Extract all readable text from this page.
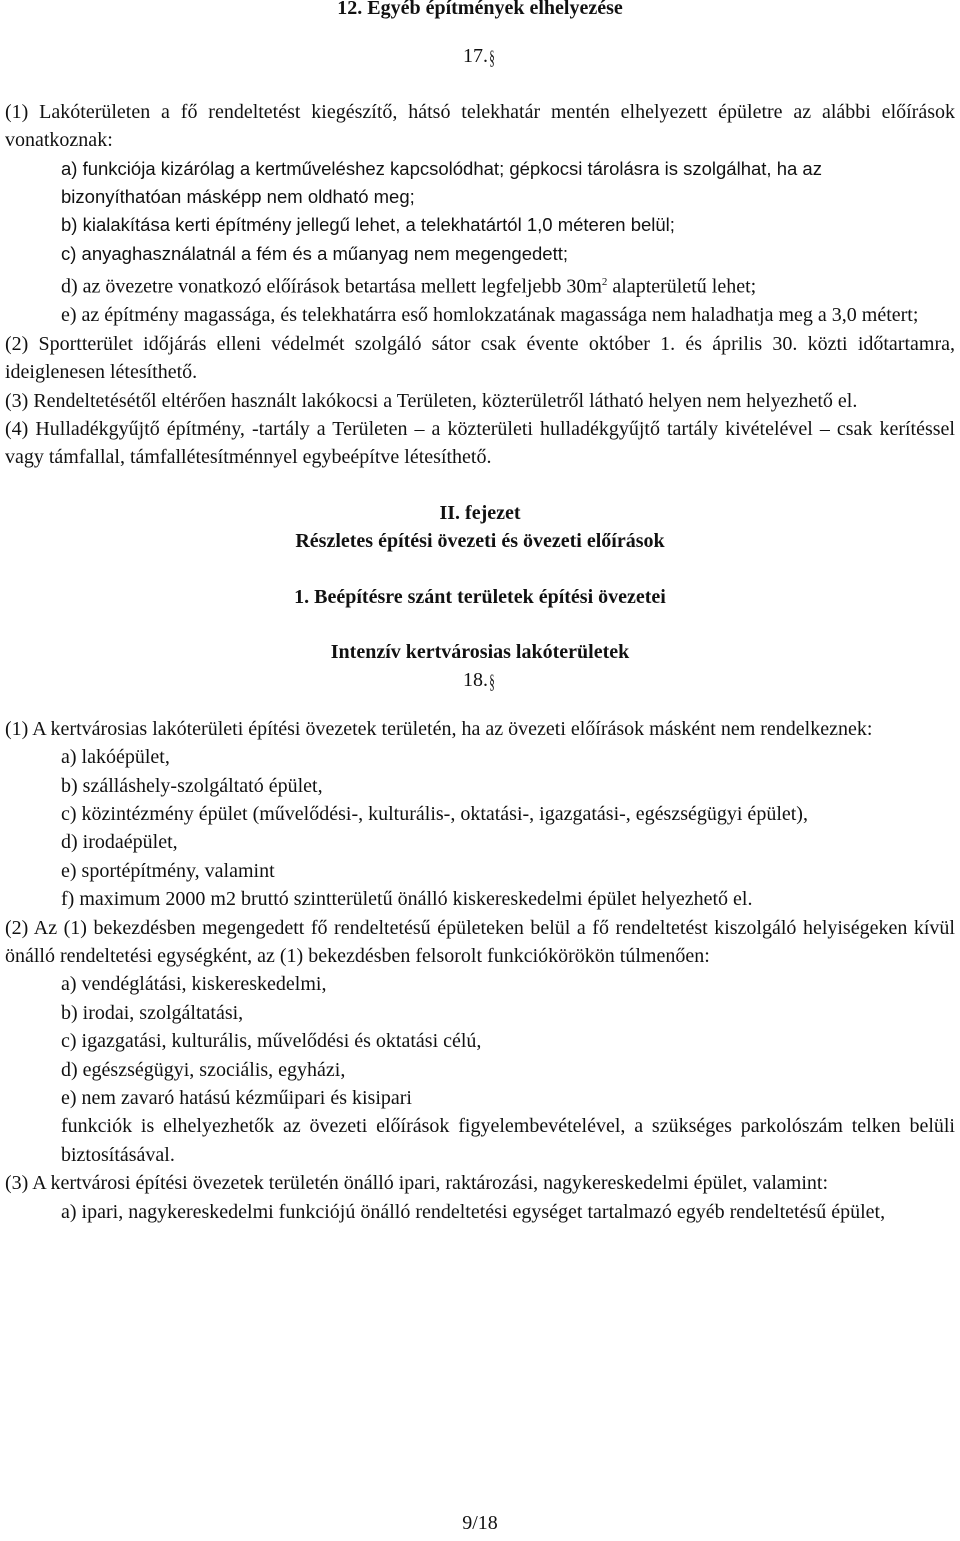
12. Egyéb építmények elhelyezése

17. §

(1) Lakóterületen a fő rendeltetést kiegészítő, hátsó telekhatár mentén elhelyezett épületre az alábbi előírások vonatkoznak:

a) funkciója kizárólag a kertműveléshez kapcsolódhat; gépkocsi tárolásra is szolgálhat, ha az

bizonyíthatóan másképp nem oldható meg;

b) kialakítása kerti építmény jellegű lehet, a telekhatártól 1,0 méteren belül;

c) anyaghasználatnál a fém és a műanyag nem megengedett;

d) az övezetre vonatkozó előírások betartása mellett legfeljebb $30m^2$ alapterületű lehet;

e) az építmény magassága, és telekhatárra eső homlokzatának magassága nem haladhatja meg a 3,0 métert;

(2) Sportterület időjárás elleni védelmét szolgáló sátor csak évente október 1. és április 30. közti időtartamra, ideiglenesen létesíthető.

(3) Rendeltetésétől eltérően használt lakókocsi a Területen, közterületről látható helyen nem helyezhető el.

(4) Hulladékgyűjtő építmény, -tartály a Területen – a közterületi hulladékgyűjtő tartály kivételével – csak kerítéssel vagy támfallal, támfallétesítménnyel egybeépítve létesíthető.

II. fejezet

Részletes építési övezeti és övezeti előírások

1. Beépítésre szánt területek építési övezetei

Intenzív kertvárosias lakóterületek

18. §

(1) A kertvárosias lakóterületi építési övezetek területén, ha az övezeti előírások másként nem rendelkeznek:

a) lakóépület,

b) szálláshely-szolgáltató épület,

c) közintézmény épület (művelődési-, kulturális-, oktatási-, igazgatási-, egészségügyi épület),

d) irodaépület,

e) sportépítmény, valamint

f) maximum 2000 m2 bruttó szintterületű önálló kiskereskedelmi épület helyezhető el.

(2) Az (1) bekezdésben megengedett fő rendeltetésű épületeken belül a fő rendeltetést kiszolgáló helyiségeken kívül önálló rendeltetési egységként, az (1) bekezdésben felsorolt funkciókörökön túlmenően:

a) vendéglátási, kiskereskedelmi,

b) irodai, szolgáltatási,

c) igazgatási, kulturális, művelődési és oktatási célú,

d) egészségügyi, szociális, egyházi,

e) nem zavaró hatású kézműipari és kisipari

funkciók is elhelyezhetők az övezeti előírások figyelembevételével, a szükséges parkolószám telken belüli biztosításával.

(3) A kertvárosi építési övezetek területén önálló ipari, raktározási, nagykereskedelmi épület, valamint:

a) ipari, nagykereskedelmi funkciójú önálló rendeltetési egységet tartalmazó egyéb rendeltetésű épület,

9/18
